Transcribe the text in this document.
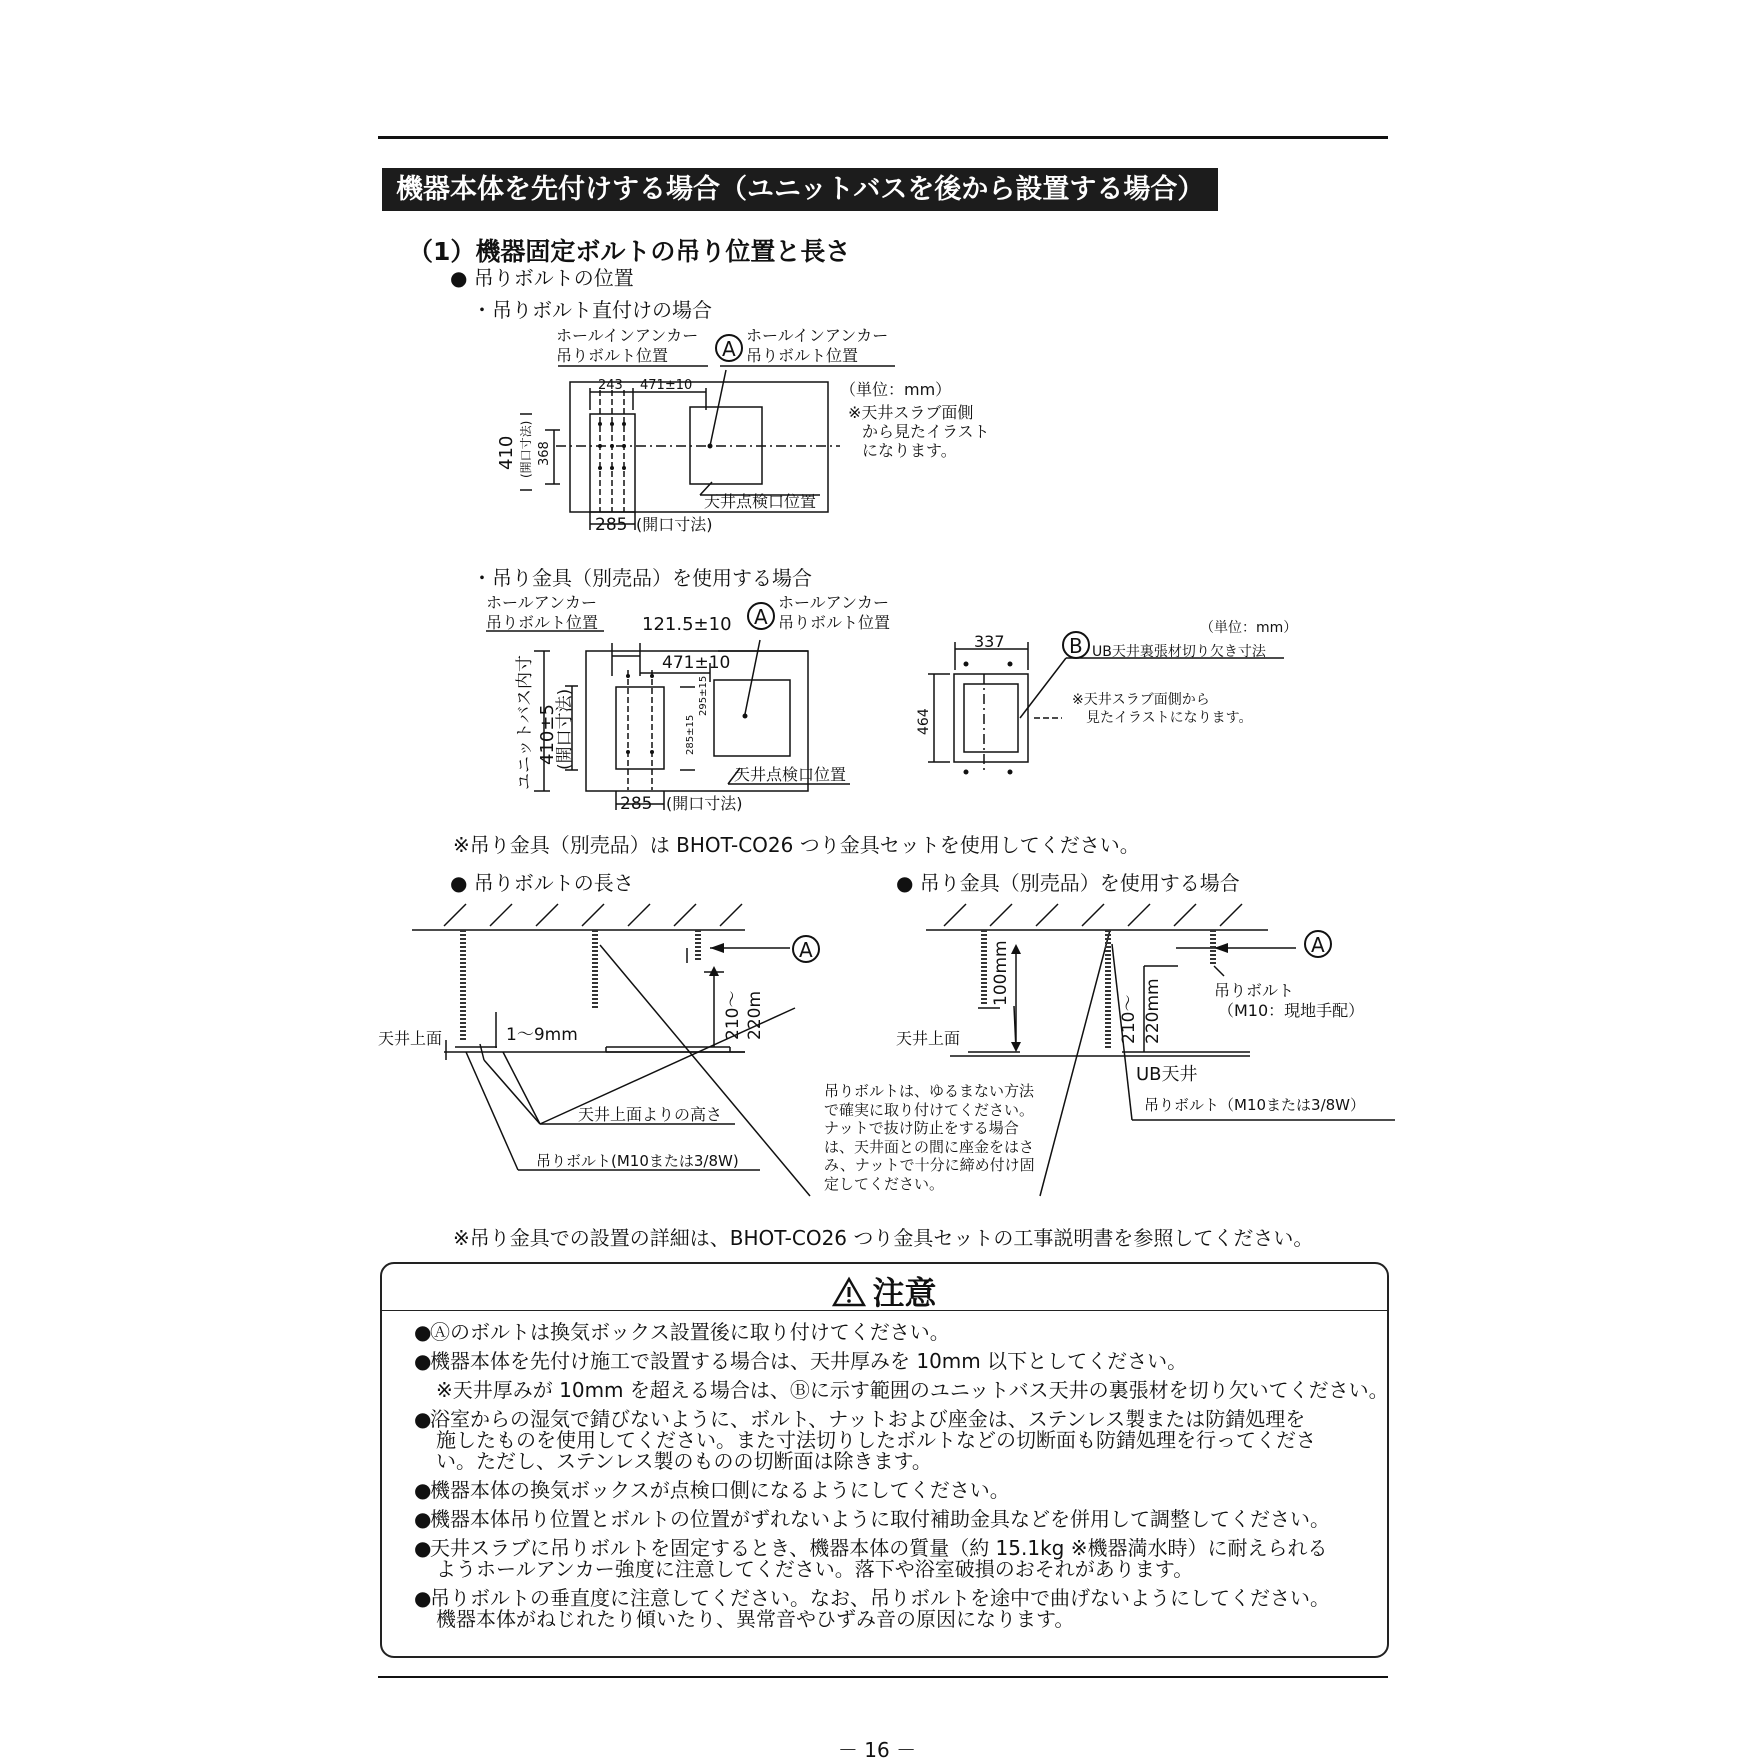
機器本体を先付けする場合（ユニットバスを後から設置する場合）
（1）機器固定ボルトの吊り位置と長さ
● 吊りボルトの位置
・吊りボルト直付けの場合
ホールインアンカー
吊りボルト位置	A
ホールインアンカー
吊りボルト位置
243 471±10
410 (開口寸法) 368
285 (開口寸法)
天井点検口位置
（単位：mm）
※天井スラブ面側
から見たイラスト
になります。
・吊り金具（別売品）を使用する場合
ホールアンカー
吊りボルト位置 121.5±10 A
ホールアンカー
吊りボルト位置
471±10
ユニットバス内寸 410±5
(開口寸法)	285±15
295±15
天井点検口位置
285 (開口寸法)
337
464
B UB天井裏張材切り欠き寸法
（単位：mm）
※天井スラブ面側から
見たイラストになります。
※吊り金具（別売品）は BHOT-CO26 つり金具セットを使用してください。
● 吊りボルトの長さ	● 吊り金具（別売品）を使用する場合
A
天井上面	1～9mm	210～ 220m
天井上面よりの高さ
吊りボルト(M10または3/8W)
A
100mm
天井上面	210～ 220mm
UB天井
吊りボルト
（M10：現地手配）
吊りボルト（M10または3/8W）
吊りボルトは、ゆるまない方法
で確実に取り付けてください。
ナットで抜け防止をする場合
は、天井面との間に座金をはさ
み、ナットで十分に締め付け固
定してください。
※吊り金具での設置の詳細は、BHOT-CO26 つり金具セットの工事説明書を参照してください。
注意
●Ⓐのボルトは換気ボックス設置後に取り付けてください。
●機器本体を先付け施工で設置する場合は、天井厚みを 10mm 以下としてください。
※天井厚みが 10mm を超える場合は、Ⓑに示す範囲のユニットバス天井の裏張材を切り欠いてください。
●浴室からの湿気で錆びないように、ボルト、ナットおよび座金は、ステンレス製または防錆処理を
施したものを使用してください。また寸法切りしたボルトなどの切断面も防錆処理を行ってくださ
い。ただし、ステンレス製のものの切断面は除きます。
●機器本体の換気ボックスが点検口側になるようにしてください。
●機器本体吊り位置とボルトの位置がずれないように取付補助金具などを併用して調整してください。
●天井スラブに吊りボルトを固定するとき、機器本体の質量（約 15.1kg ※機器満水時）に耐えられる
ようホールアンカー強度に注意してください。落下や浴室破損のおそれがあります。
●吊りボルトの垂直度に注意してください。なお、吊りボルトを途中で曲げないようにしてください。
機器本体がねじれたり傾いたり、異常音やひずみ音の原因になります。
－ 16 －
